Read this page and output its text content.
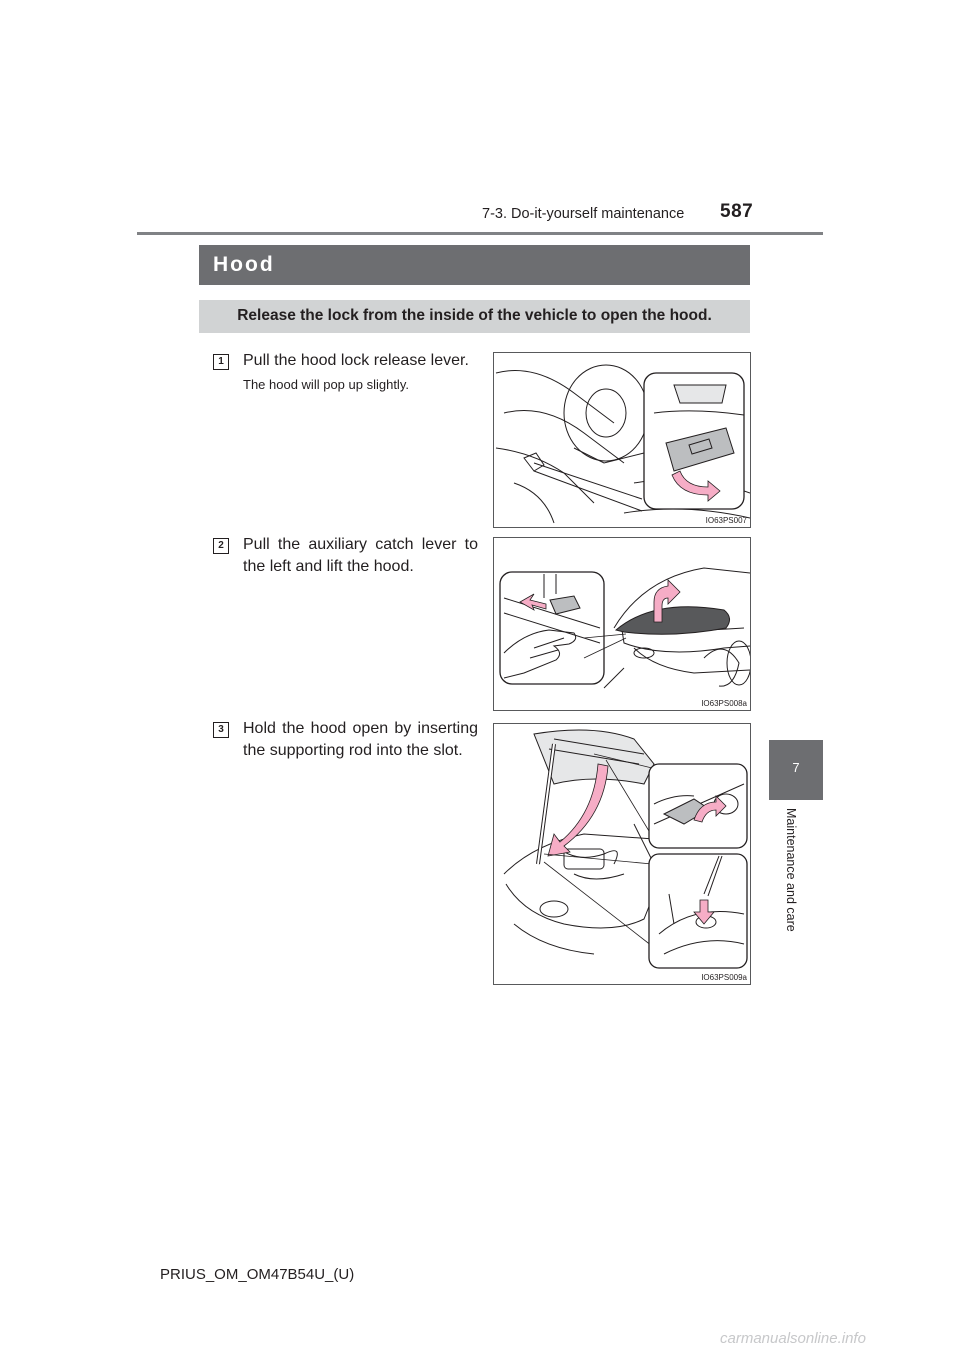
7-3. Do-it-yourself maintenance 587
Hood
Release the lock from the inside of the vehicle to open the hood.
1	Pull the hood lock release lever.
The hood will pop up slightly.
IO63PS007
2	Pull the auxiliary catch lever to the left and lift the hood.
IO63PS008a
3	Hold the hood open by inserting the supporting rod into the slot.
IO63PS009a
7
Maintenance and care
PRIUS_OM_OM47B54U_(U)
carmanualsonline.info
